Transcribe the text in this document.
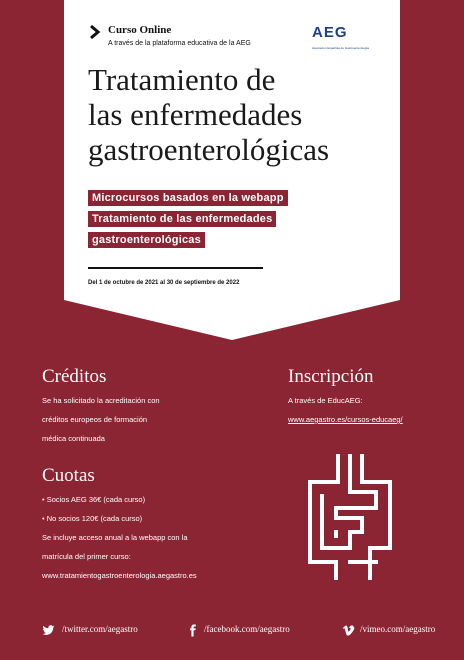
Curso Online
A través de la plataforma educativa de la AEG
AEG
Asociación Española de Gastroenterología
Tratamiento de
las enfermedades
gastroenterológicas
Microcursos basados en la webapp
Tratamiento de las enfermedades
gastroenterológicas
Del 1 de octubre de 2021 al 30 de septiembre de 2022
Créditos
Se ha solicitado la acreditación con
créditos europeos de formación
médica continuada
Inscripción
A través de EducAEG:
www.aegastro.es/cursos-educaeg/
Cuotas
• Socios AEG 36€ (cada curso)
• No socios 120€ (cada curso)
Se incluye acceso anual a la webapp con la
matrícula del primer curso:
www.tratamientogastroenterologia.aegastro.es
/twitter.com/aegastro	/facebook.com/aegastro	/vimeo.com/aegastro
